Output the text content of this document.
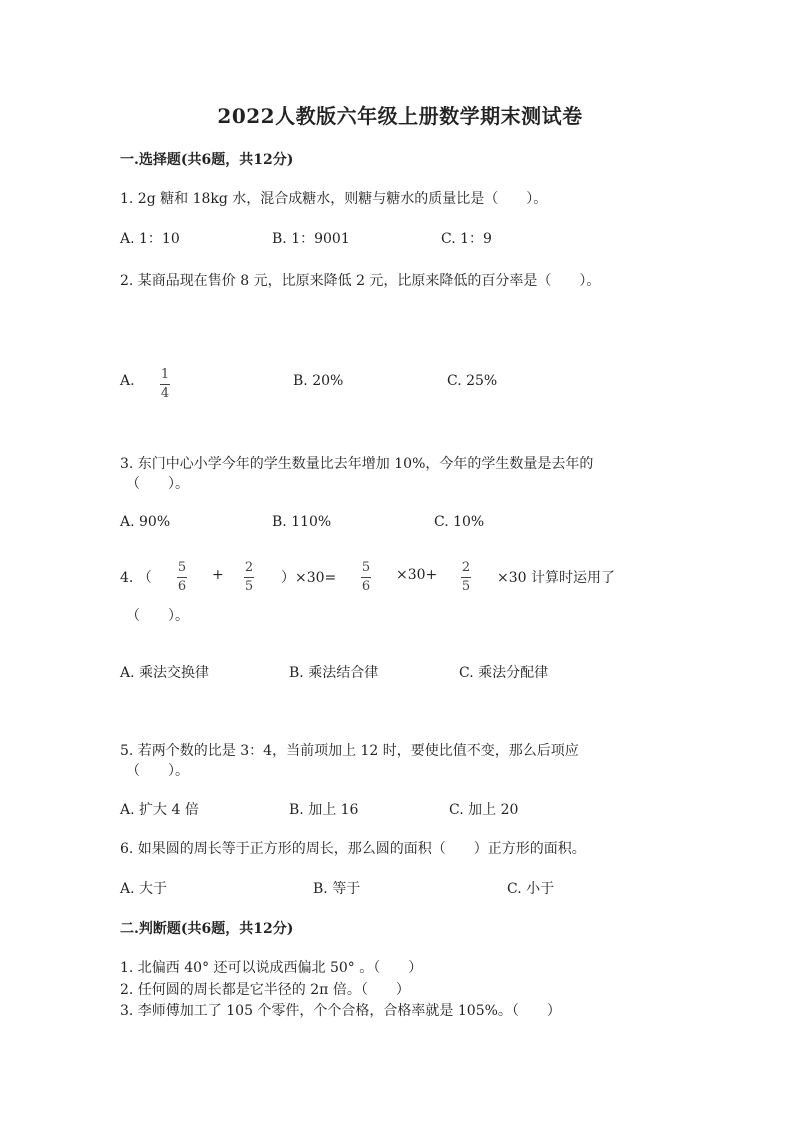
2022人教版六年级上册数学期末测试卷
一.选择题(共6题，共12分)
1. 2g 糖和 18kg 水，混合成糖水，则糖与糖水的质量比是（　　）。
A. 1：10	B. 1：9001	C. 1：9
2. 某商品现在售价 8 元，比原来降低 2 元，比原来降低的百分率是（　　）。
A. 1
4
B. 20%	C. 25%
3. 东门中心小学今年的学生数量比去年增加 10%，今年的学生数量是去年的
（　　）。
A. 90%	B. 110%	C. 10%
4. （
5
6
+ 2
5
）×30=
5
6
×30+ 2
5
×30 计算时运用了
（　　）。
A. 乘法交换律	B. 乘法结合律	C. 乘法分配律
5. 若两个数的比是 3：4，当前项加上 12 时，要使比值不变，那么后项应
（　　）。
A. 扩大 4 倍	B. 加上 16	C. 加上 20
6. 如果圆的周长等于正方形的周长，那么圆的面积（　　）正方形的面积。
A. 大于	B. 等于	C. 小于
二.判断题(共6题，共12分)
1. 北偏西 40° 还可以说成西偏北 50° 。（　　）
2. 任何圆的周长都是它半径的 2π 倍。（　　）
3. 李师傅加工了 105 个零件，个个合格，合格率就是 105%。（　　）
